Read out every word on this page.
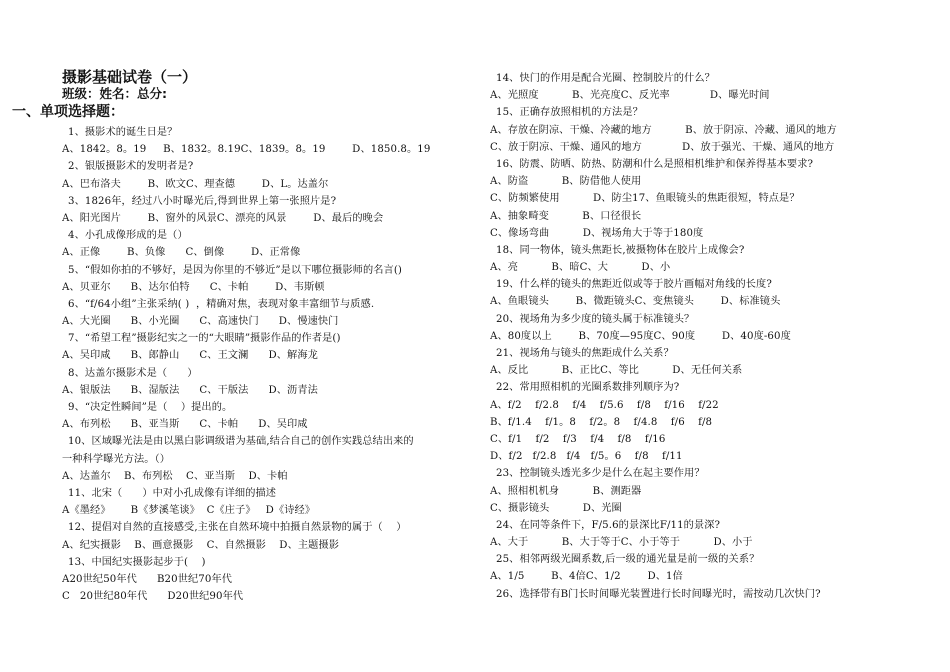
摄影基础试卷（一）
班级：姓名：总分:
1、摄影术的诞生日是？
A、1842。8。19     B、1832。8.19C、1839。8。19        D、1850.8。19
2、银版摄影术的发明者是?
A、巴布洛夫        B、欧文C、理查德        D、L。达盖尔
3、1826年，经过八小时曝光后,得到世界上第一张照片是?
A、阳光图片        B、窗外的风景C、漂亮的风景        D、最后的晚会
4、小孔成像形成的是（）
A、正像        B、负像      C、倒像        D、正常像
5、“假如你拍的不够好，是因为你里的不够近”是以下哪位摄影师的名言()
A、贝亚尔      B、达尔伯特      C、卡帕        D、韦斯顿
6、“f/64小组”主张采纳( )  ，精确对焦，表现对象丰富细节与质感.
A、大光圈      B、小光圈      C、高速快门      D、慢速快门
7、“希望工程”摄影纪实之一的“大眼睛”摄影作品的作者是()
A、吴印咸      B、郎静山      C、王文澜      D、解海龙
8、达盖尔摄影术是（      ）
A、银版法      B、湿版法      C、干版法      D、沥青法
9、“决定性瞬间”是（    ）提出的。
A、布列松      B、亚当斯      C、卡帕      D、吴印咸
10、区域曝光法是由以黑白影调级谱为基础,结合自己的创作实践总结出来的
一种科学曝光方法。（）
A、达盖尔    B、布列松    C、亚当斯    D、卡帕
11、北宋（      ）中对小孔成像有详细的描述
A《墨经》      B《梦溪笔谈》  C《庄子》   D《诗经》
12、提倡对自然的直接感受,主张在自然环境中拍摄自然景物的属于（    ）
A、纪实摄影    B、画意摄影    C、自然摄影    D、主题摄影
13、中国纪实摄影起步于(    )
A20世纪50年代      B20世纪70年代
C   20世纪80年代      D20世纪90年代
一、单项选择题：
14、快门的作用是配合光圈、控制胶片的什么？
A、光照度          B、光亮度C、反光率            D、曝光时间
15、正确存放照相机的方法是？
A、存放在阴凉、干燥、冷藏的地方          B、放于阴凉、冷藏、通风的地方
C、放于阴凉、干燥、通风的地方            D、放于强光、干燥、通风的地方
16、防震、防晒、防热、防潮和什么是照相机维护和保养得基本要求?
A、防盗          B、防借他人使用
C、防频繁使用          D、防尘17、鱼眼镜头的焦距很短，特点是？
A、抽象畸变          B、口径很长
C、像场弯曲          D、视场角大于等于180度
18、同一物体，镜头焦距长,被摄物体在胶片上成像会?
A、亮          B、暗C、大          D、小
19、什么样的镜头的焦距近似或等于胶片画幅对角线的长度?
A、鱼眼镜头        B、微距镜头C、变焦镜头        D、标准镜头
20、视场角为多少度的镜头属于标准镜头？
A、80度以上        B、70度—95度C、90度        D、40度-60度
21、视场角与镜头的焦距成什么关系？
A、反比          B、正比C、等比          D、无任何关系
22、常用照相机的光圈系数排列顺序为?
A、f/2    f/2.8    f/4    f/5.6    f/8    f/16    f/22
B、f/1.4    f/1。8    f/2。8    f/4.8    f/6    f/8
C、f/1    f/2    f/3    f/4    f/8    f/16
D、f/2   f/2.8   f/4   f/5。6    f/8    f/11
23、控制镜头透光多少是什么在起主要作用？
A、照相机机身          B、测距器
C、摄影镜头          D、光圈
24、在同等条件下，F/5.6的景深比F/11的景深?
A、大于          B、大于等于C、小于等于          D、小于
25、相邻两级光圈系数,后一级的通光量是前一级的关系？
A、1/5        B、4倍C、1/2        D、1倍
26、选择带有B门长时间曝光装置进行长时间曝光时，需按动几次快门?
